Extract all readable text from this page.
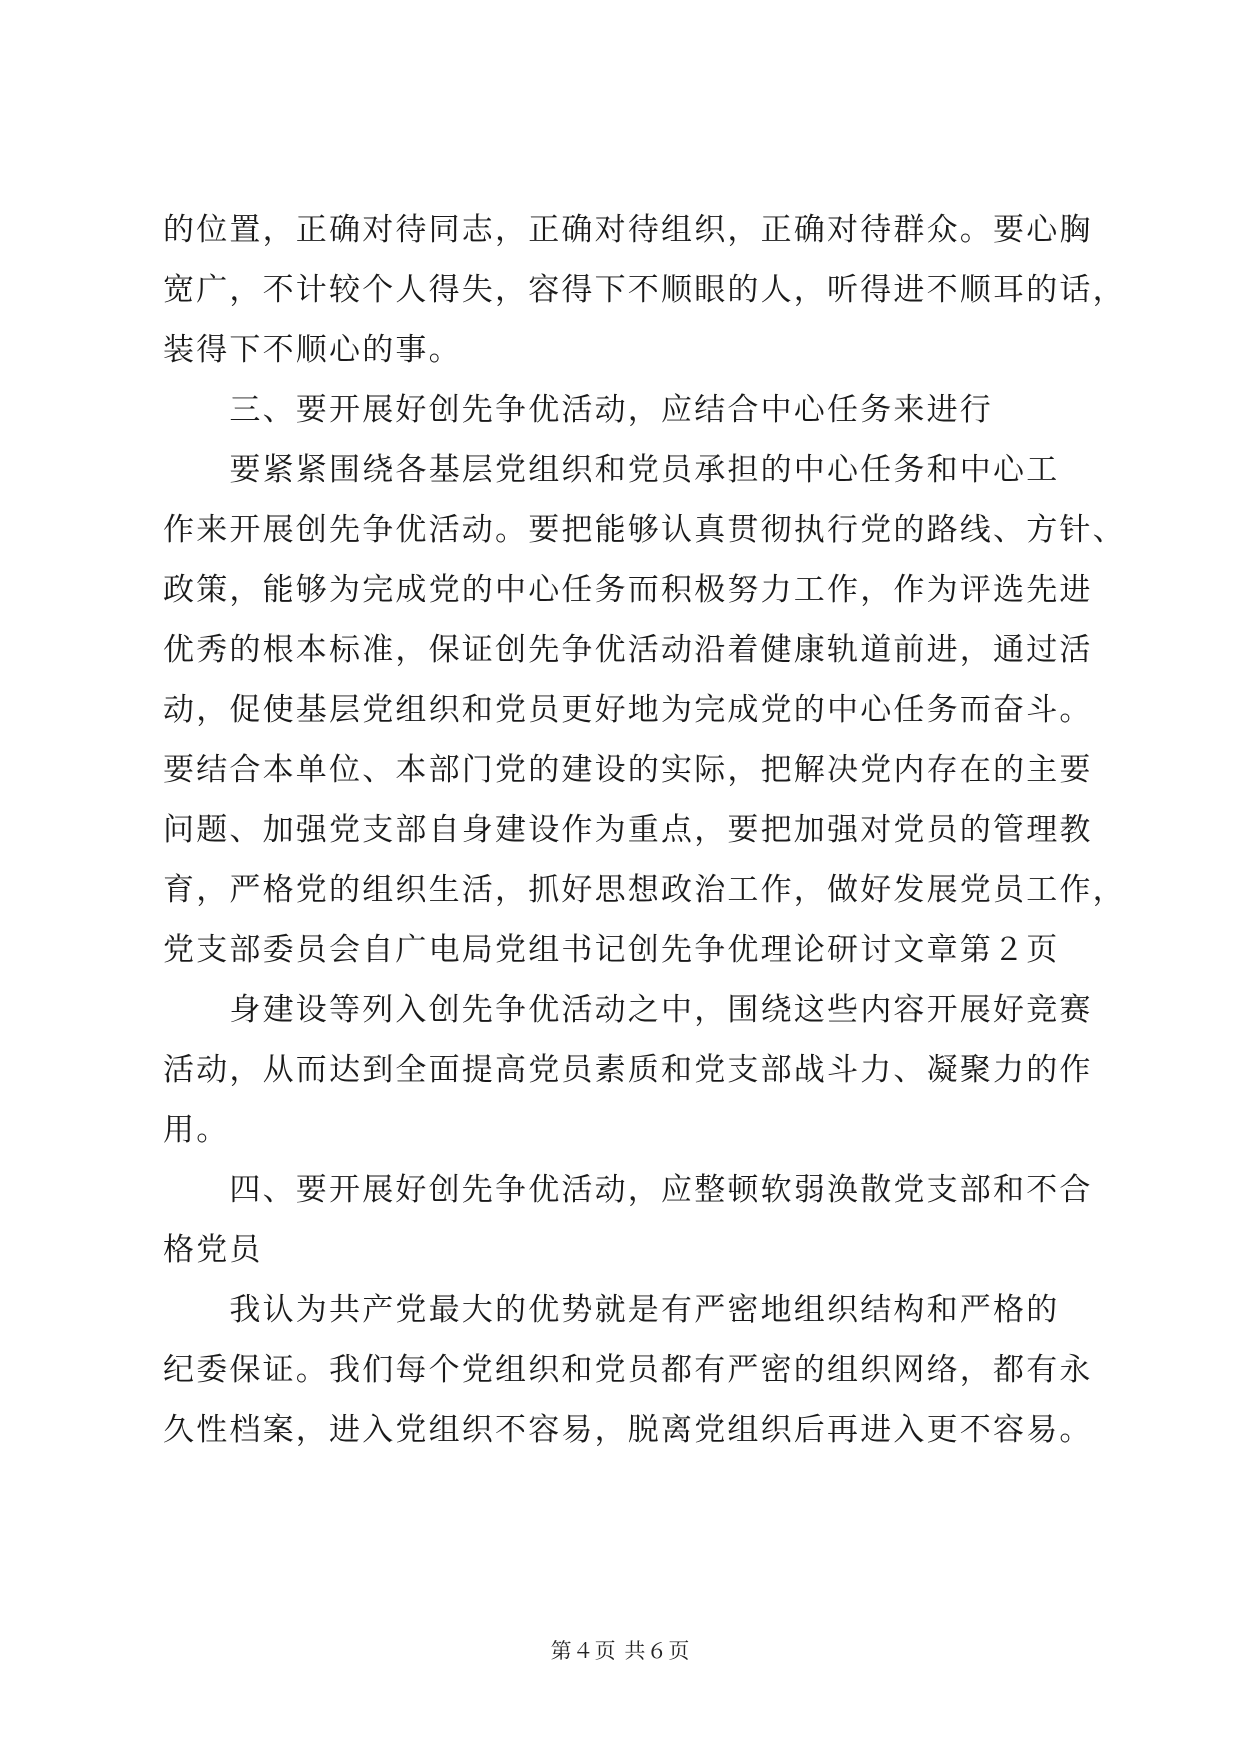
的位置，正确对待同志，正确对待组织，正确对待群众。要心胸
宽广，不计较个人得失，容得下不顺眼的人，听得进不顺耳的话，
装得下不顺心的事。
　　三、要开展好创先争优活动，应结合中心任务来进行
　　要紧紧围绕各基层党组织和党员承担的中心任务和中心工
作来开展创先争优活动。要把能够认真贯彻执行党的路线、方针、
政策，能够为完成党的中心任务而积极努力工作，作为评选先进
优秀的根本标准，保证创先争优活动沿着健康轨道前进，通过活
动，促使基层党组织和党员更好地为完成党的中心任务而奋斗。
要结合本单位、本部门党的建设的实际，把解决党内存在的主要
问题、加强党支部自身建设作为重点，要把加强对党员的管理教
育，严格党的组织生活，抓好思想政治工作，做好发展党员工作，
党支部委员会自广电局党组书记创先争优理论研讨文章第２页
　　身建设等列入创先争优活动之中，围绕这些内容开展好竞赛
活动，从而达到全面提高党员素质和党支部战斗力、凝聚力的作
用。
　　四、要开展好创先争优活动，应整顿软弱涣散党支部和不合
格党员
　　我认为共产党最大的优势就是有严密地组织结构和严格的
纪委保证。我们每个党组织和党员都有严密的组织网络，都有永
久性档案，进入党组织不容易，脱离党组织后再进入更不容易。
第４页 共６页
